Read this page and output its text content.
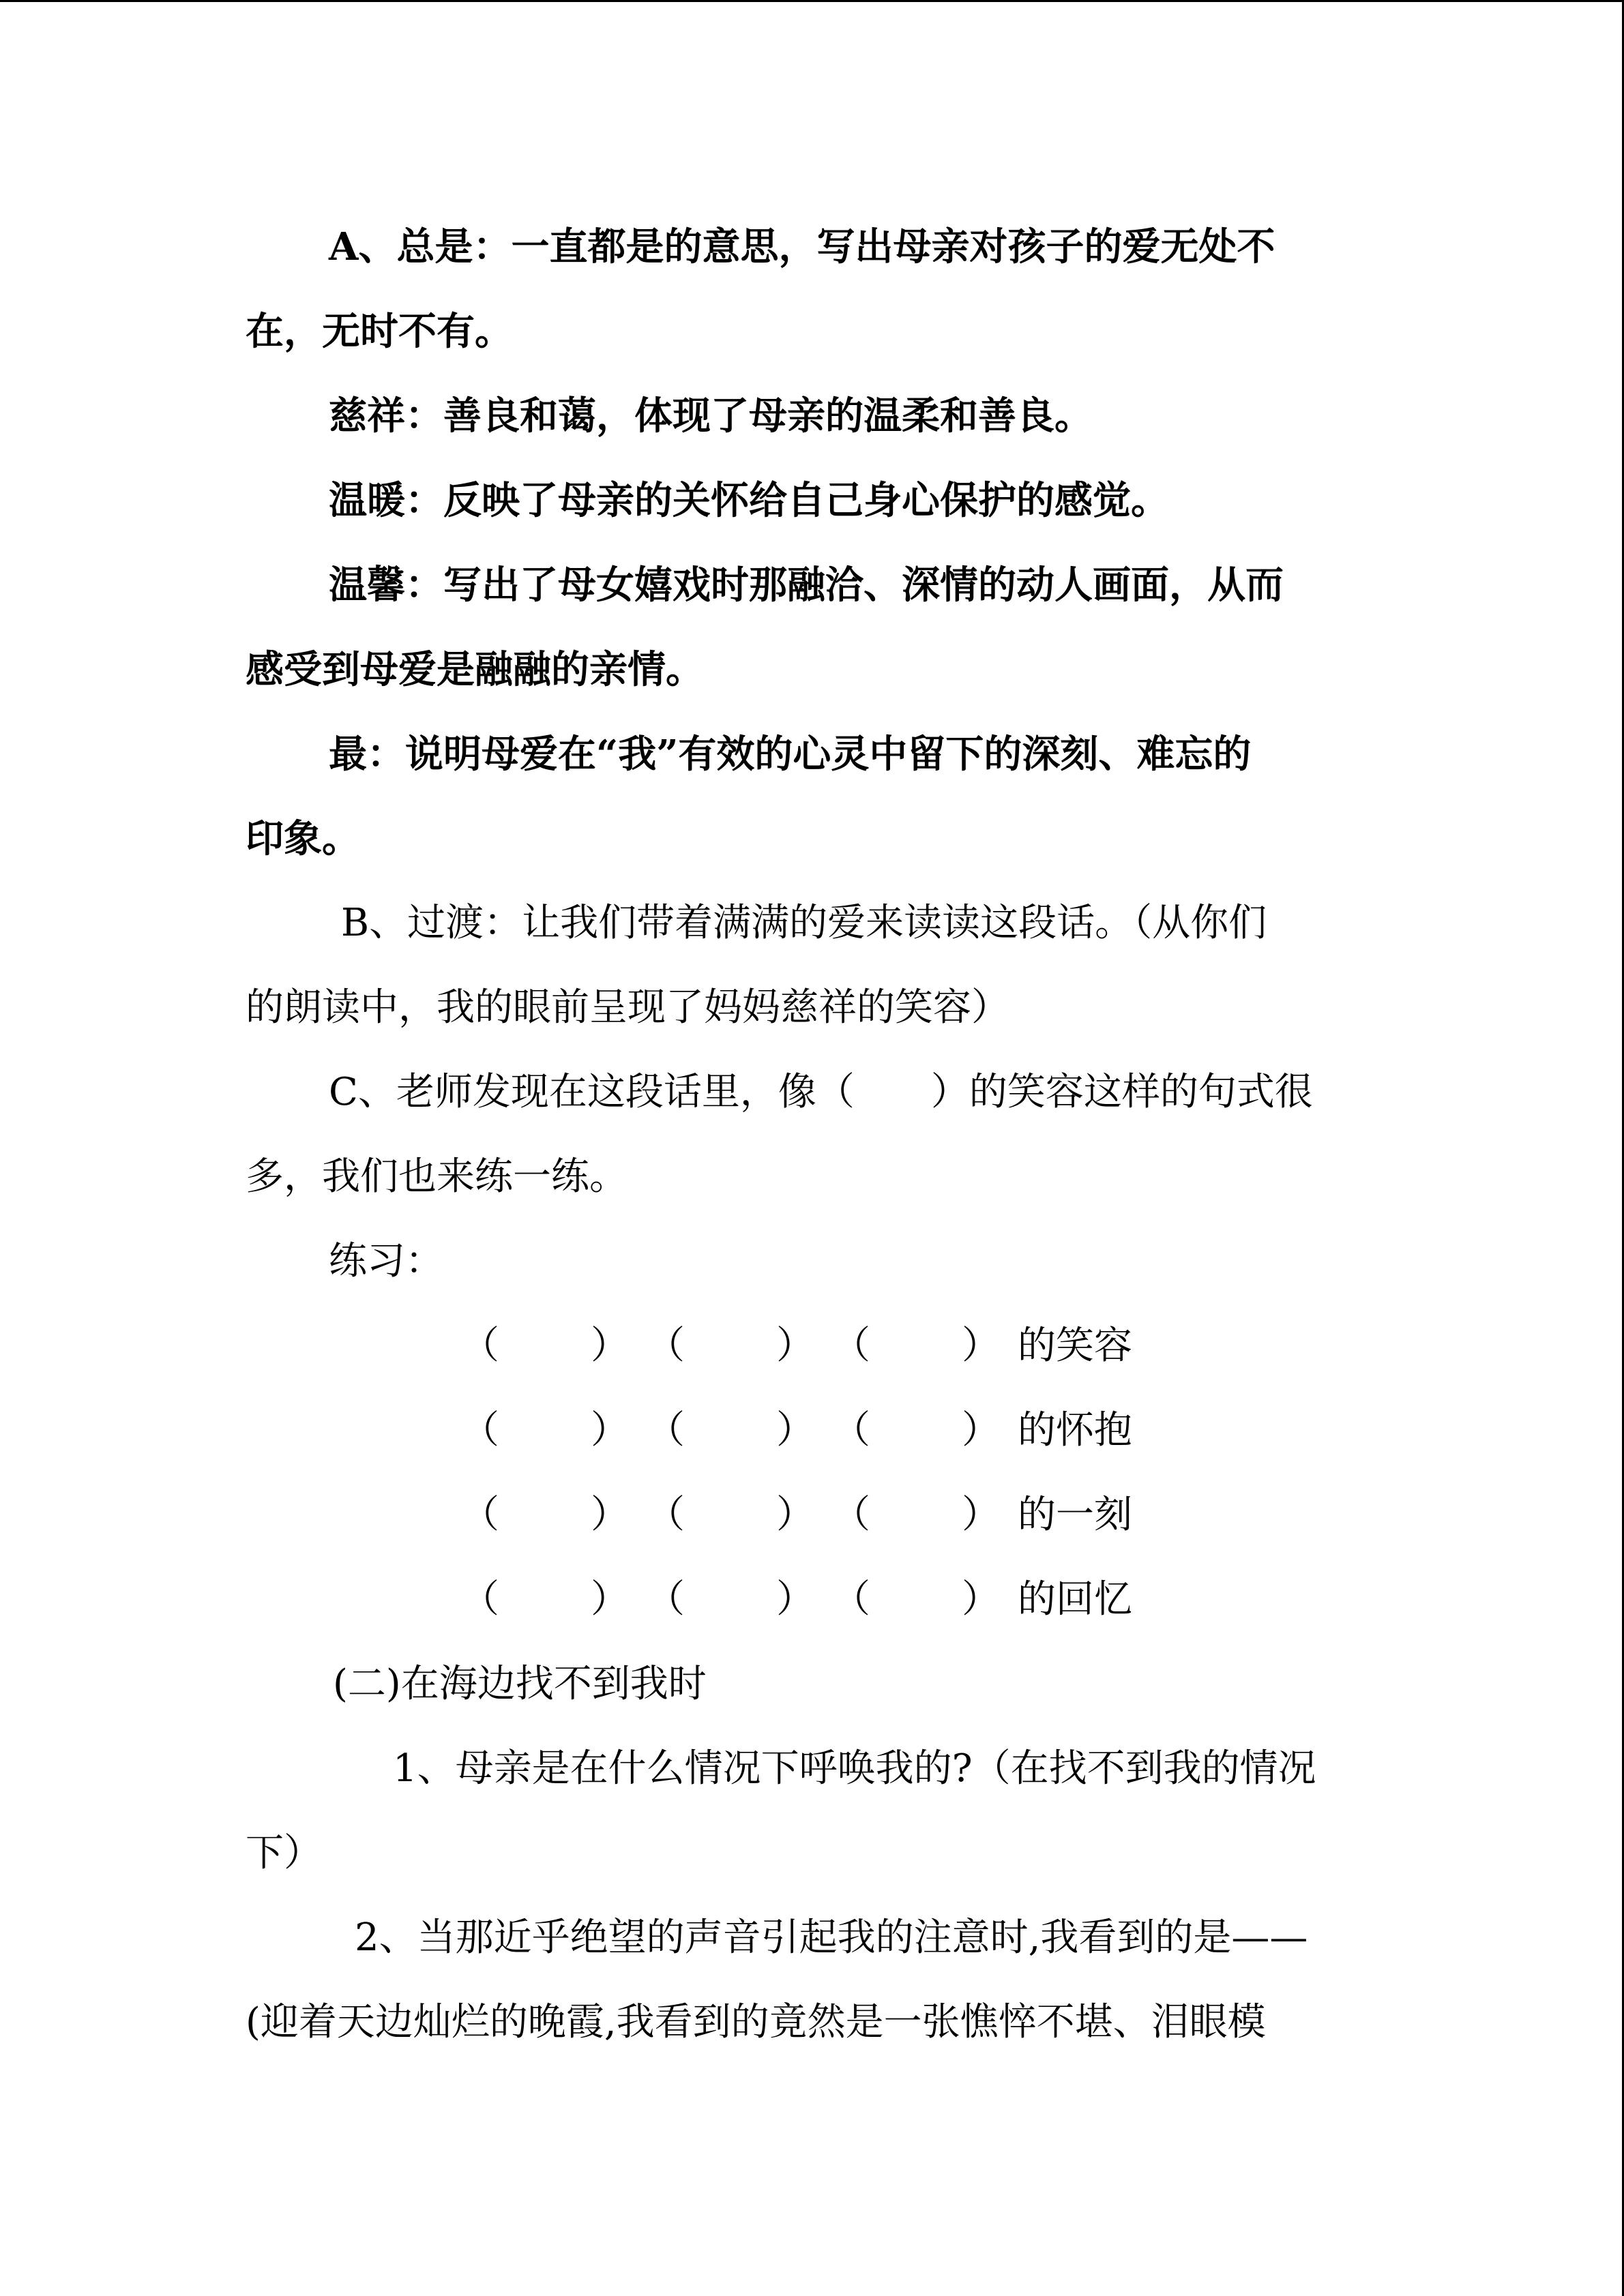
A、总是：一直都是的意思，写出母亲对孩子的爱无处不

在，无时不有。

慈祥：善良和蔼，体现了母亲的温柔和善良。

温暖：反映了母亲的关怀给自己身心保护的感觉。

温馨：写出了母女嬉戏时那融洽、深情的动人画面，从而

感受到母爱是融融的亲情。

最：说明母爱在“我”有效的心灵中留下的深刻、难忘的

印象。

B、过渡：让我们带着满满的爱来读读这段话。（从你们

的朗读中，我的眼前呈现了妈妈慈祥的笑容）

C、老师发现在这段话里，像（　　）的笑容这样的句式很

多，我们也来练一练。

练习：

（	） （	） （	） 的笑容
（	） （	） （	） 的怀抱
（	） （	） （	） 的一刻
（	） （	） （	） 的回忆

(二)在海边找不到我时

1、母亲是在什么情况下呼唤我的?（在找不到我的情况

下）

2、当那近乎绝望的声音引起我的注意时,我看到的是——

(迎着天边灿烂的晚霞,我看到的竟然是一张憔悴不堪、泪眼模
